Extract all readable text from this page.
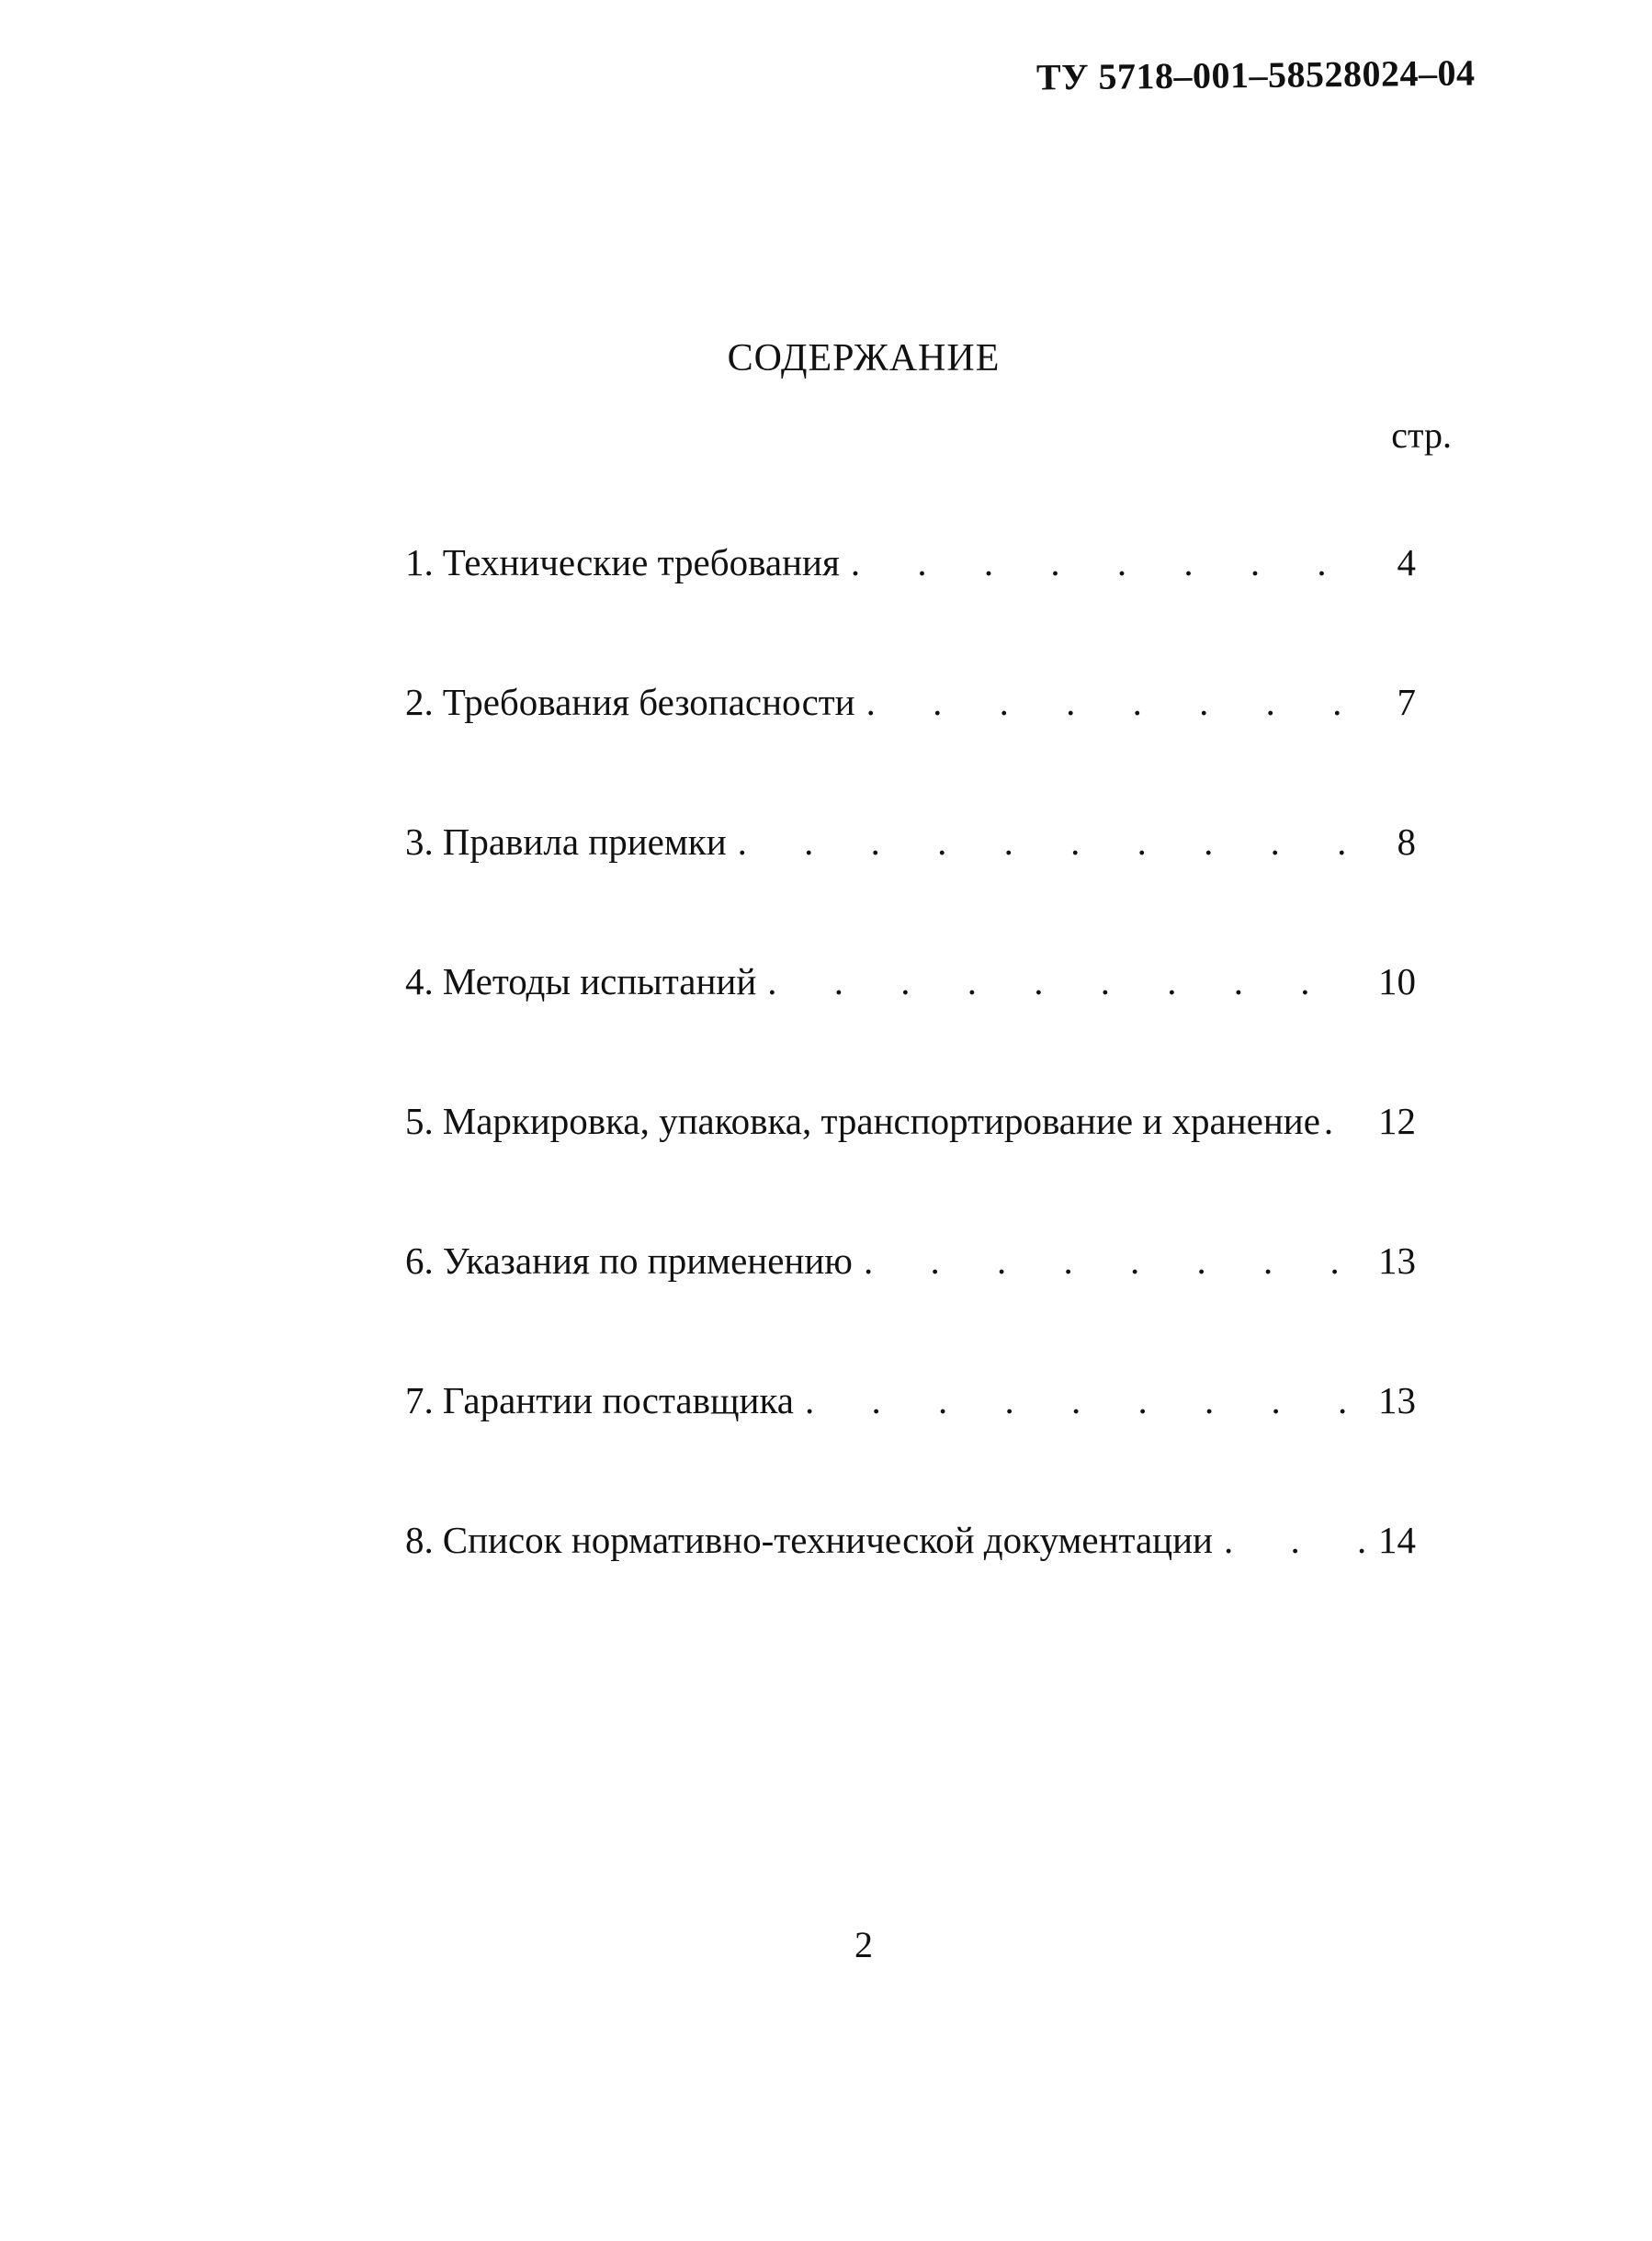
ТУ 5718–001–58528024–04
СОДЕРЖАНИЕ
стр.
1. Технические требования . . .	4
2. Требования безопасности . . .	7
3. Правила приемки . . .	8
4. Методы испытаний . . .	10
5. Маркировка, упаковка, транспортирование и хранение . . . 12
6. Указания по применению . . .	13
7. Гарантии поставщика . . .	13
8. Список нормативно-технической документации . . .	14
2
